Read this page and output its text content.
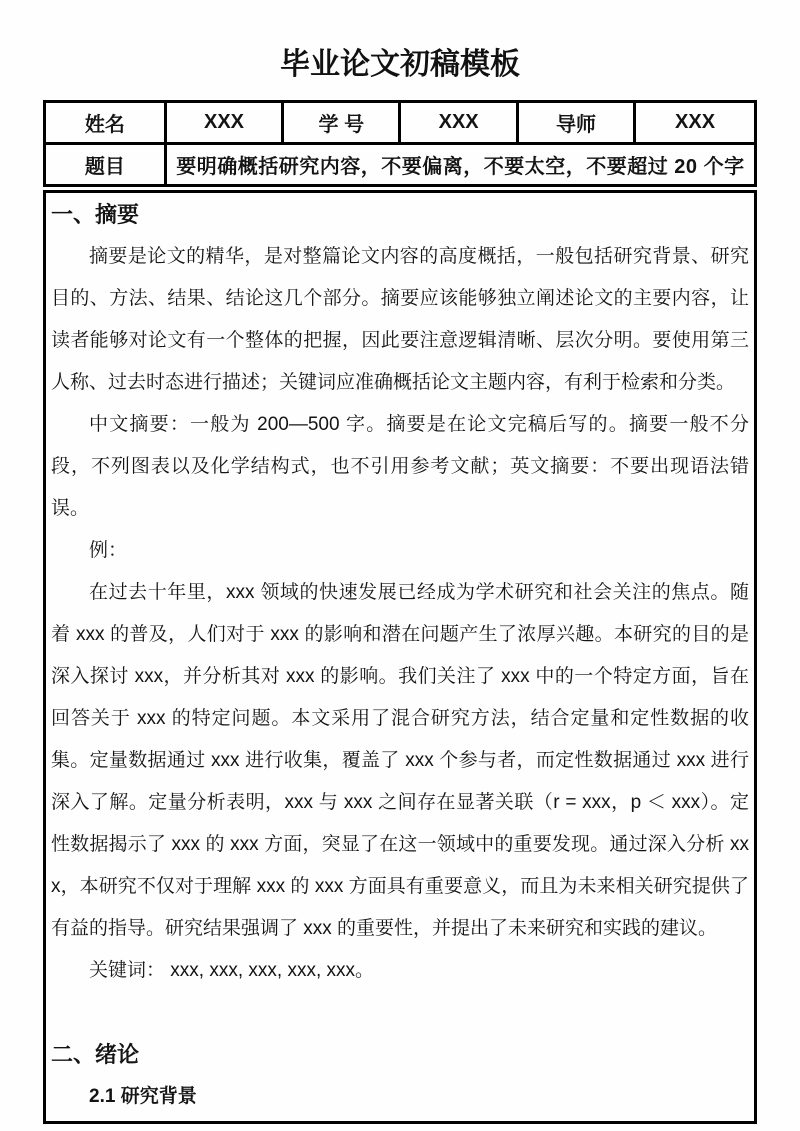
毕业论文初稿模板
姓名	XXX	学 号	XXX	导师	XXX
题目	要明确概括研究内容，不要偏离，不要太空，不要超过 20 个字				
一、摘要

摘要是论文的精华，是对整篇论文内容的高度概括，一般包括研究背景、研究目的、方法、结果、结论这几个部分。摘要应该能够独立阐述论文的主要内容，让读者能够对论文有一个整体的把握，因此要注意逻辑清晰、层次分明。要使用第三人称、过去时态进行描述；关键词应准确概括论文主题内容，有利于检索和分类。

中文摘要：一般为 200—500 字。摘要是在论文完稿后写的。摘要一般不分段，不列图表以及化学结构式，也不引用参考文献；英文摘要：不要出现语法错误。

例：

在过去十年里，xxx 领域的快速发展已经成为学术研究和社会关注的焦点。随着 xxx 的普及，人们对于 xxx 的影响和潜在问题产生了浓厚兴趣。本研究的目的是深入探讨 xxx，并分析其对 xxx 的影响。我们关注了 xxx 中的一个特定方面，旨在回答关于 xxx 的特定问题。本文采用了混合研究方法，结合定量和定性数据的收集。定量数据通过 xxx 进行收集，覆盖了 xxx 个参与者，而定性数据通过 xxx 进行深入了解。定量分析表明，xxx 与 xxx 之间存在显著关联（r = xxx，p ＜ xxx）。定性数据揭示了 xxx 的 xxx 方面，突显了在这一领域中的重要发现。通过深入分析 xxx，本研究不仅对于理解 xxx 的 xxx 方面具有重要意义，而且为未来相关研究提供了有益的指导。研究结果强调了 xxx 的重要性，并提出了未来研究和实践的建议。

关键词： xxx, xxx, xxx, xxx, xxx。

二、绪论

2.1 研究背景
